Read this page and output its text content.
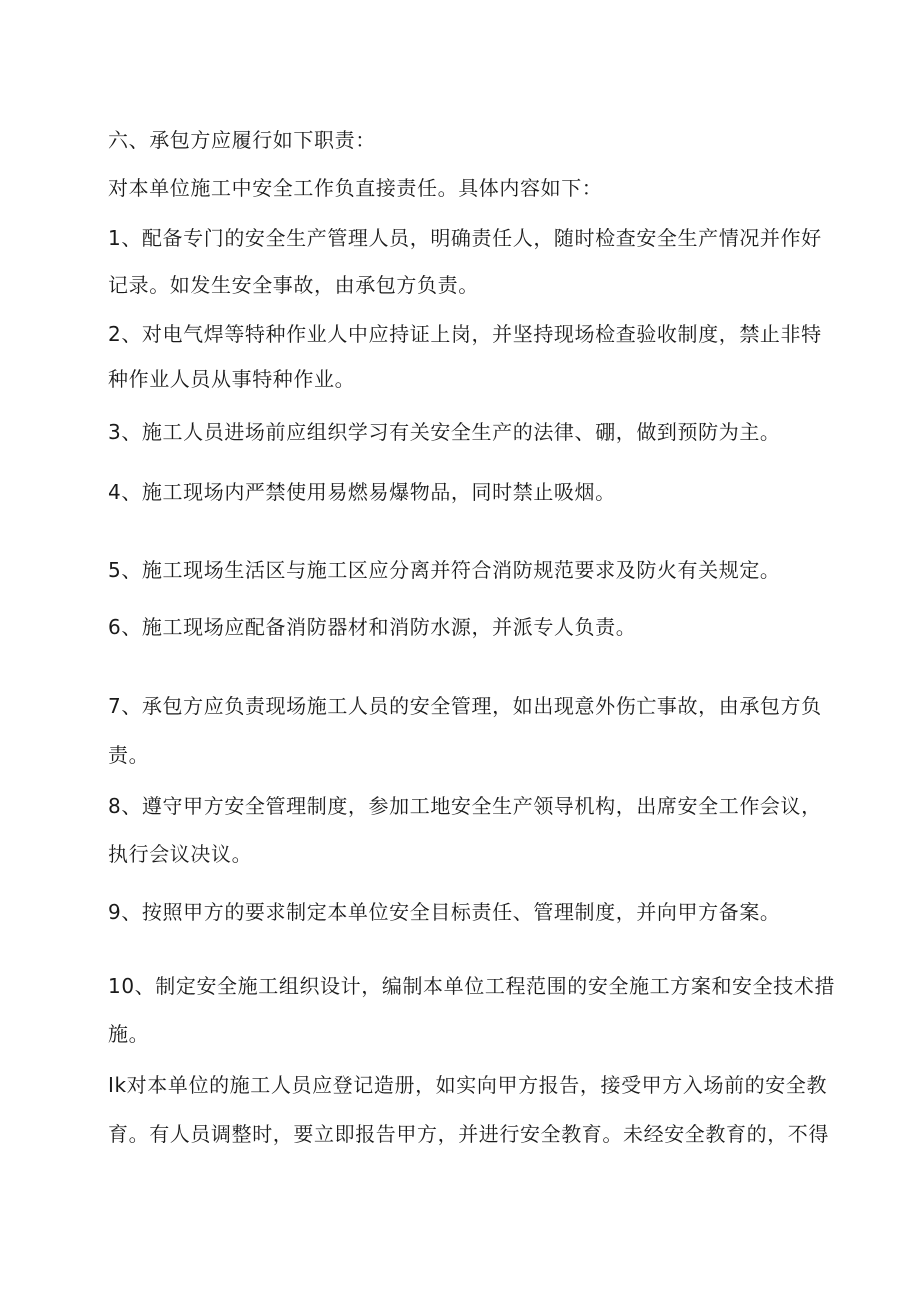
六、承包方应履行如下职责：
对本单位施工中安全工作负直接责任。具体内容如下：
1、配备专门的安全生产管理人员，明确责任人，随时检查安全生产情况并作好
记录。如发生安全事故，由承包方负责。
2、对电气焊等特种作业人中应持证上岗，并坚持现场检查验收制度，禁止非特
种作业人员从事特种作业。
3、施工人员进场前应组织学习有关安全生产的法律、硼，做到预防为主。
4、施工现场内严禁使用易燃易爆物品，同时禁止吸烟。
5、施工现场生活区与施工区应分离并符合消防规范要求及防火有关规定。
6、施工现场应配备消防器材和消防水源，并派专人负责。
7、承包方应负责现场施工人员的安全管理，如出现意外伤亡事故，由承包方负
责。
8、遵守甲方安全管理制度，参加工地安全生产领导机构，出席安全工作会议，
执行会议决议。
9、按照甲方的要求制定本单位安全目标责任、管理制度，并向甲方备案。
10、制定安全施工组织设计，编制本单位工程范围的安全施工方案和安全技术措
施。
Ik对本单位的施工人员应登记造册，如实向甲方报告，接受甲方入场前的安全教
育。有人员调整时，要立即报告甲方，并进行安全教育。未经安全教育的，不得
